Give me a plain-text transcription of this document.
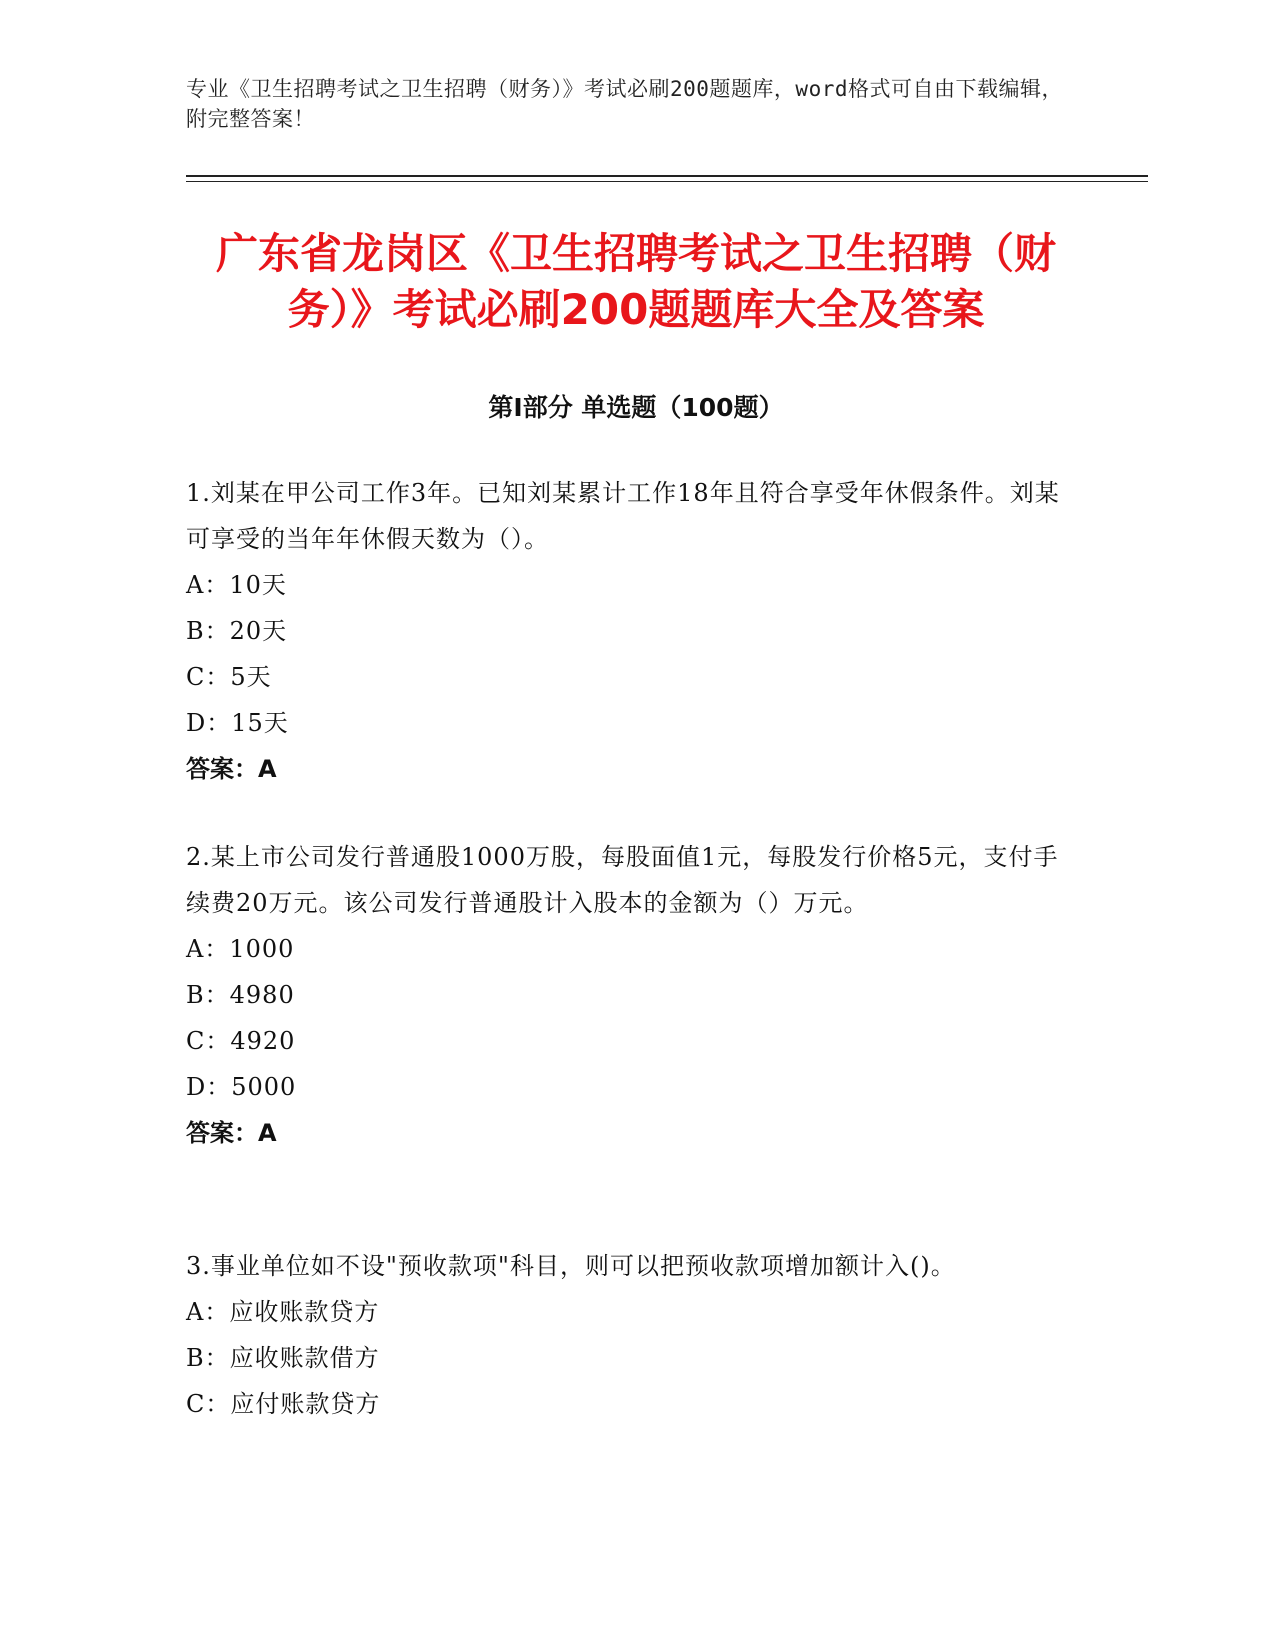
专业《卫生招聘考试之卫生招聘（财务）》考试必刷200题题库，word格式可自由下载编辑，附完整答案！
广东省龙岗区《卫生招聘考试之卫生招聘（财务）》考试必刷200题题库大全及答案
第I部分 单选题（100题）

1.刘某在甲公司工作3年。已知刘某累计工作18年且符合享受年休假条件。刘某可享受的当年年休假天数为（）。

A：10天

B：20天

C：5天

D：15天

答案：A

2.某上市公司发行普通股1000万股，每股面值1元，每股发行价格5元，支付手续费20万元。该公司发行普通股计入股本的金额为（）万元。

A：1000

B：4980

C：4920

D：5000

答案：A

3.事业单位如不设"预收款项"科目，则可以把预收款项增加额计入()。

A：应收账款贷方

B：应收账款借方

C：应付账款贷方
